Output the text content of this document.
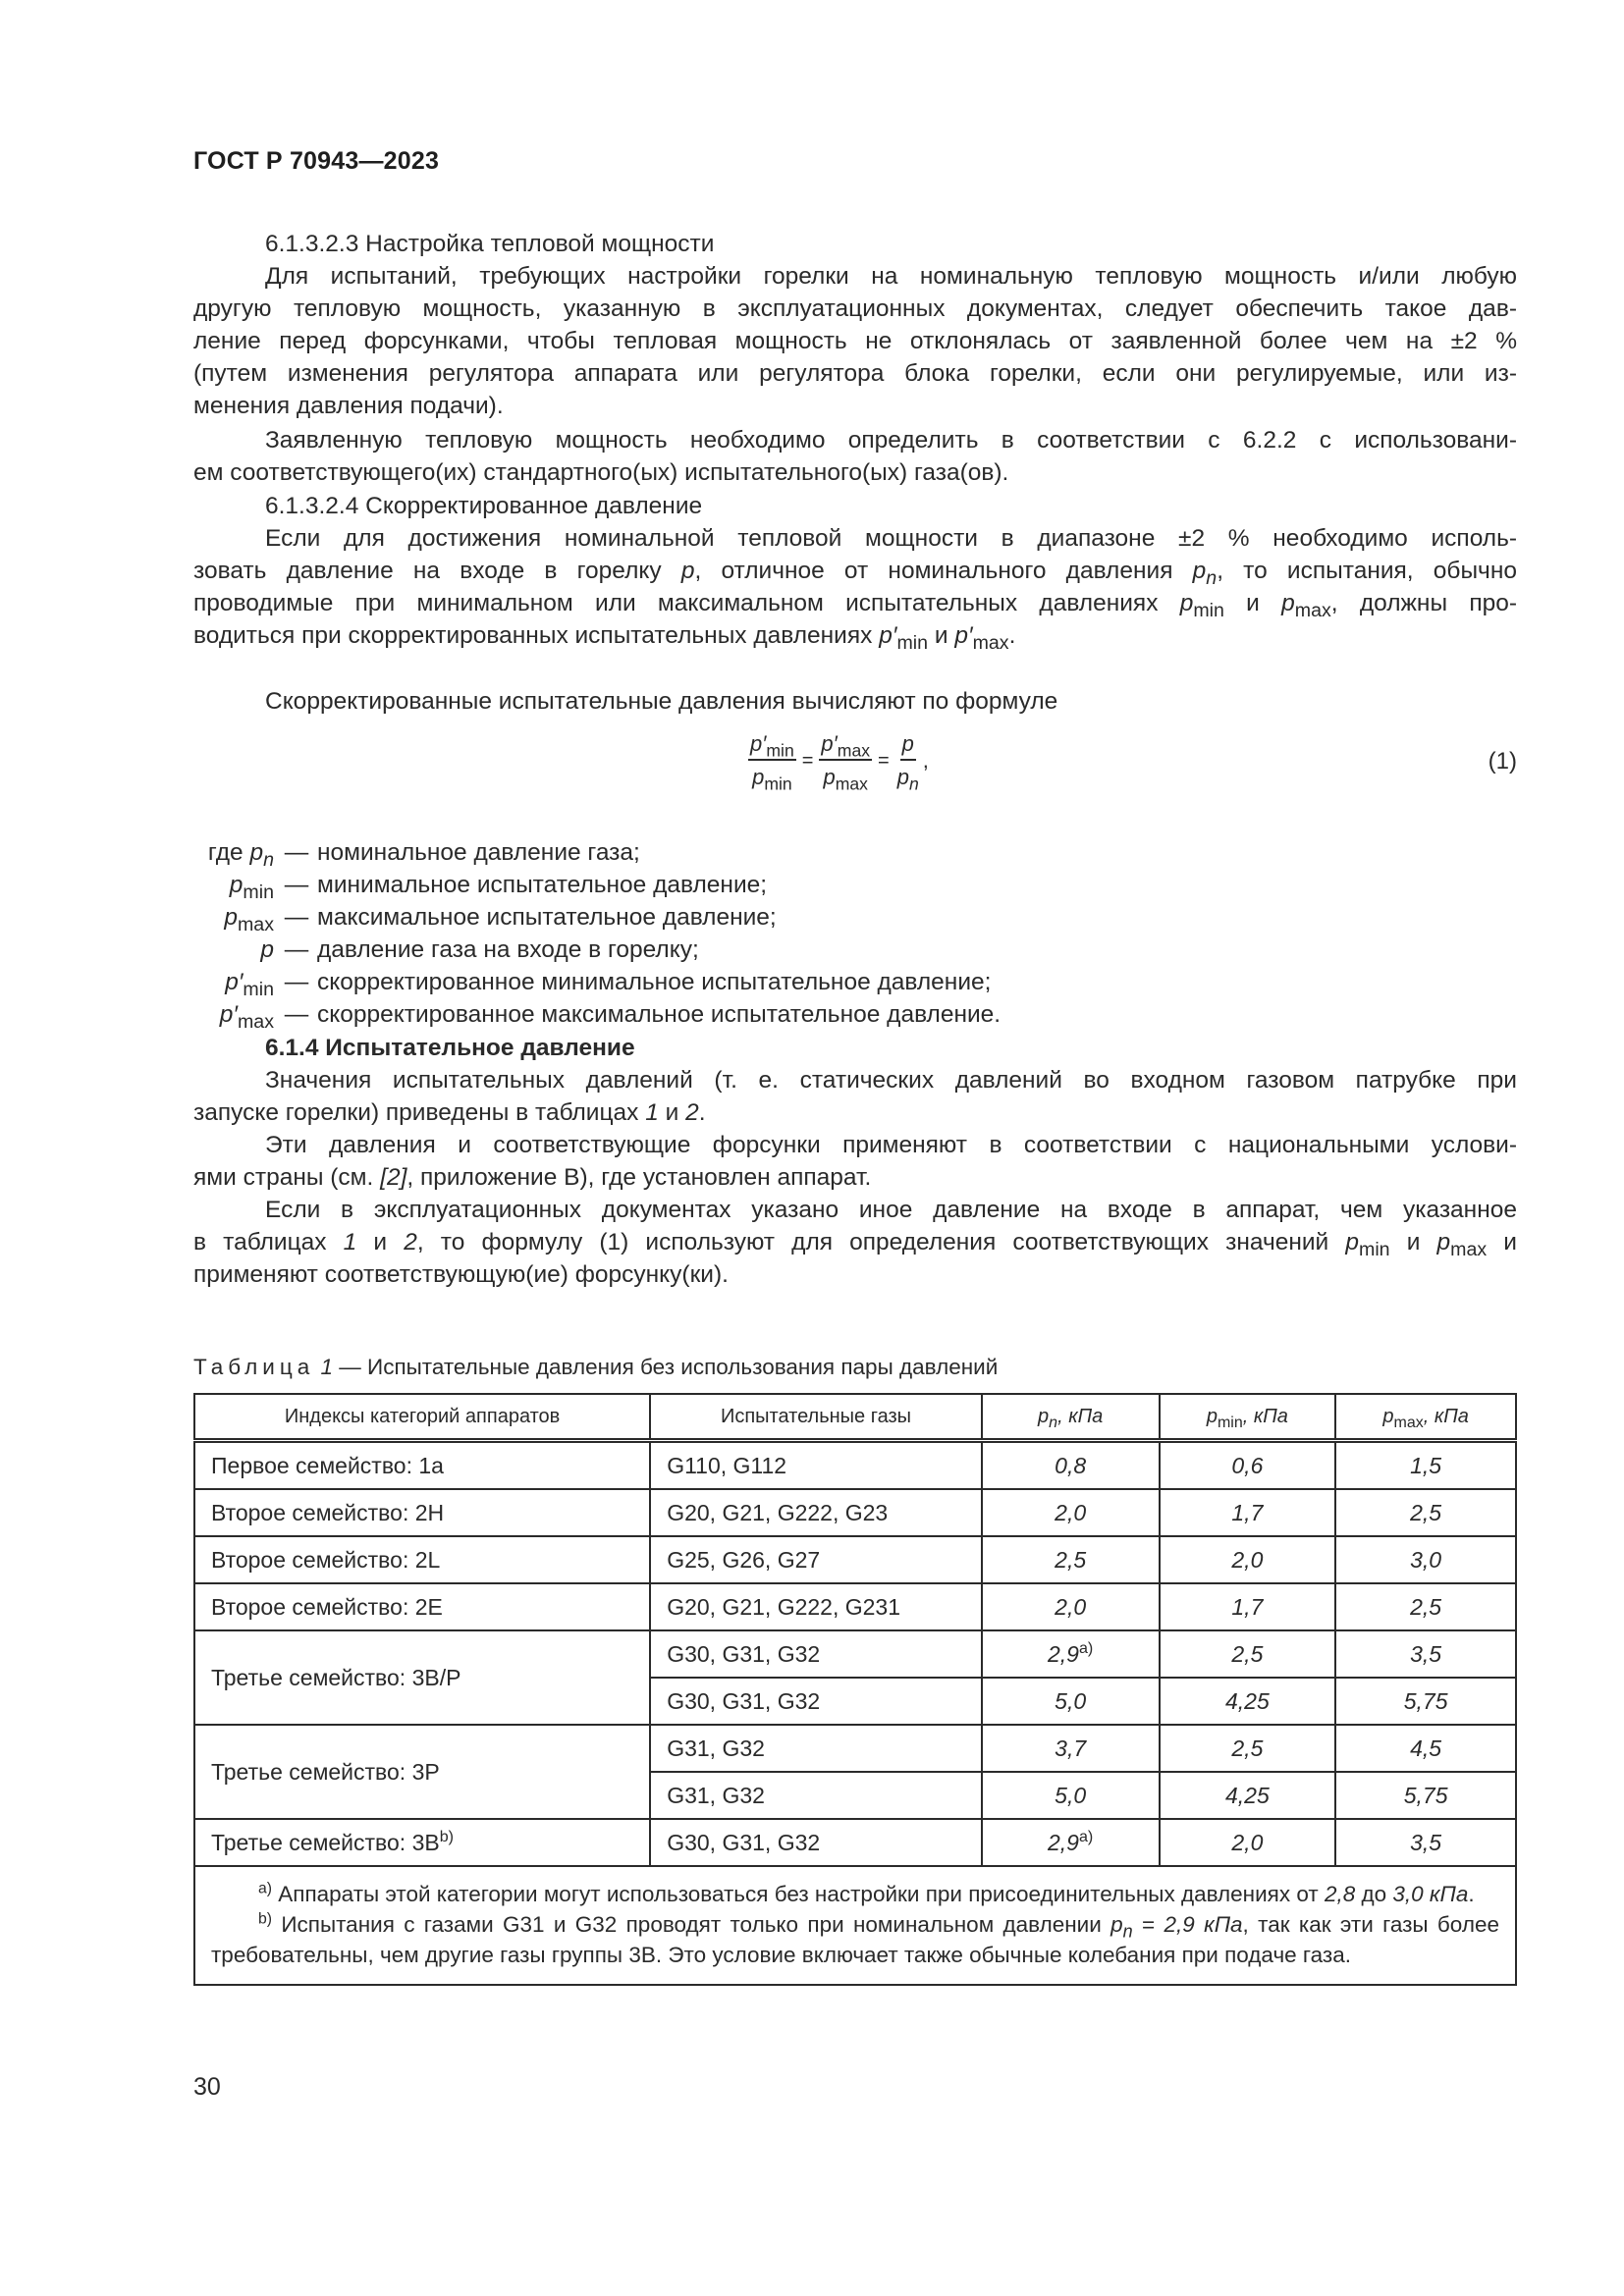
ГОСТ Р 70943—2023
6.1.3.2.3 Настройка тепловой мощности
Для испытаний, требующих настройки горелки на номинальную тепловую мощность и/или любую
другую тепловую мощность, указанную в эксплуатационных документах, следует обеспечить такое дав-
ление перед форсунками, чтобы тепловая мощность не отклонялась от заявленной более чем на ±2 %
(путем изменения регулятора аппарата или регулятора блока горелки, если они регулируемые, или из-
менения давления подачи).
Заявленную тепловую мощность необходимо определить в соответствии с 6.2.2 с использовани-
ем соответствующего(их) стандартного(ых) испытательного(ых) газа(ов).
6.1.3.2.4 Скорректированное давление
Если для достижения номинальной тепловой мощности в диапазоне ±2 % необходимо исполь-
зовать давление на входе в горелку p, отличное от номинального давления $p_n$, то испытания, обычно
проводимые при минимальном или максимальном испытательных давлениях $p_{min}$ и $p_{max}$, должны про-
водиться при скорректированных испытательных давлениях $p'_{min}$ и $p'_{max}$.
Скорректированные испытательные давления вычисляют по формуле
$\frac{p'_{min}}{p_{min}} = \frac{p'_{max}}{p_{max}} = \frac{p}{p_n}$ ,	(1)
где $p_n$ — номинальное давление газа;
$p_{min}$ — минимальное испытательное давление;
$p_{max}$ — максимальное испытательное давление;
p — давление газа на входе в горелку;
$p'_{min}$ — скорректированное минимальное испытательное давление;
$p'_{max}$ — скорректированное максимальное испытательное давление.
6.1.4 Испытательное давление
Значения испытательных давлений (т. е. статических давлений во входном газовом патрубке при
запуске горелки) приведены в таблицах 1 и 2.
Эти давления и соответствующие форсунки применяют в соответствии с национальными услови-
ями страны (см. [2], приложение В), где установлен аппарат.
Если в эксплуатационных документах указано иное давление на входе в аппарат, чем указанное
в таблицах 1 и 2, то формулу (1) используют для определения соответствующих значений $p_{min}$ и $p_{max}$ и
применяют соответствующую(ие) форсунку(ки).
Таблица 1 — Испытательные давления без использования пары давлений
Индексы категорий аппаратов	Испытательные газы	$p_n$, кПа	$p_{min}$, кПа	$p_{max}$, кПа
Первое семейство: 1а	G110, G112	0,8	0,6	1,5
Второе семейство: 2H	G20, G21, G222, G23	2,0	1,7	2,5
Второе семейство: 2L	G25, G26, G27	2,5	2,0	3,0
Второе семейство: 2E	G20, G21, G222, G231	2,0	1,7	2,5
Третье семейство: 3B/P	G30, G31, G32	2,9$^{a)}$	2,5	3,5
	G30, G31, G32	5,0	4,25	5,75
Третье семейство: 3P	G31, G32	3,7	2,5	4,5
	G31, G32	5,0	4,25	5,75
Третье семейство: $3B^{b)}$	G30, G31, G32	2,9$^{a)}$	2,0	3,5

$^{a)}$ Аппараты этой категории могут использоваться без настройки при присоединительных давлениях от 2,8 до 3,0 кПа.

$^{b)}$ Испытания с газами G31 и G32 проводят только при номинальном давлении $p_n = 2,9$ кПа, так как эти газы более требовательны, чем другие газы группы 3B. Это условие включает также обычные колебания при подаче газа.				

30
